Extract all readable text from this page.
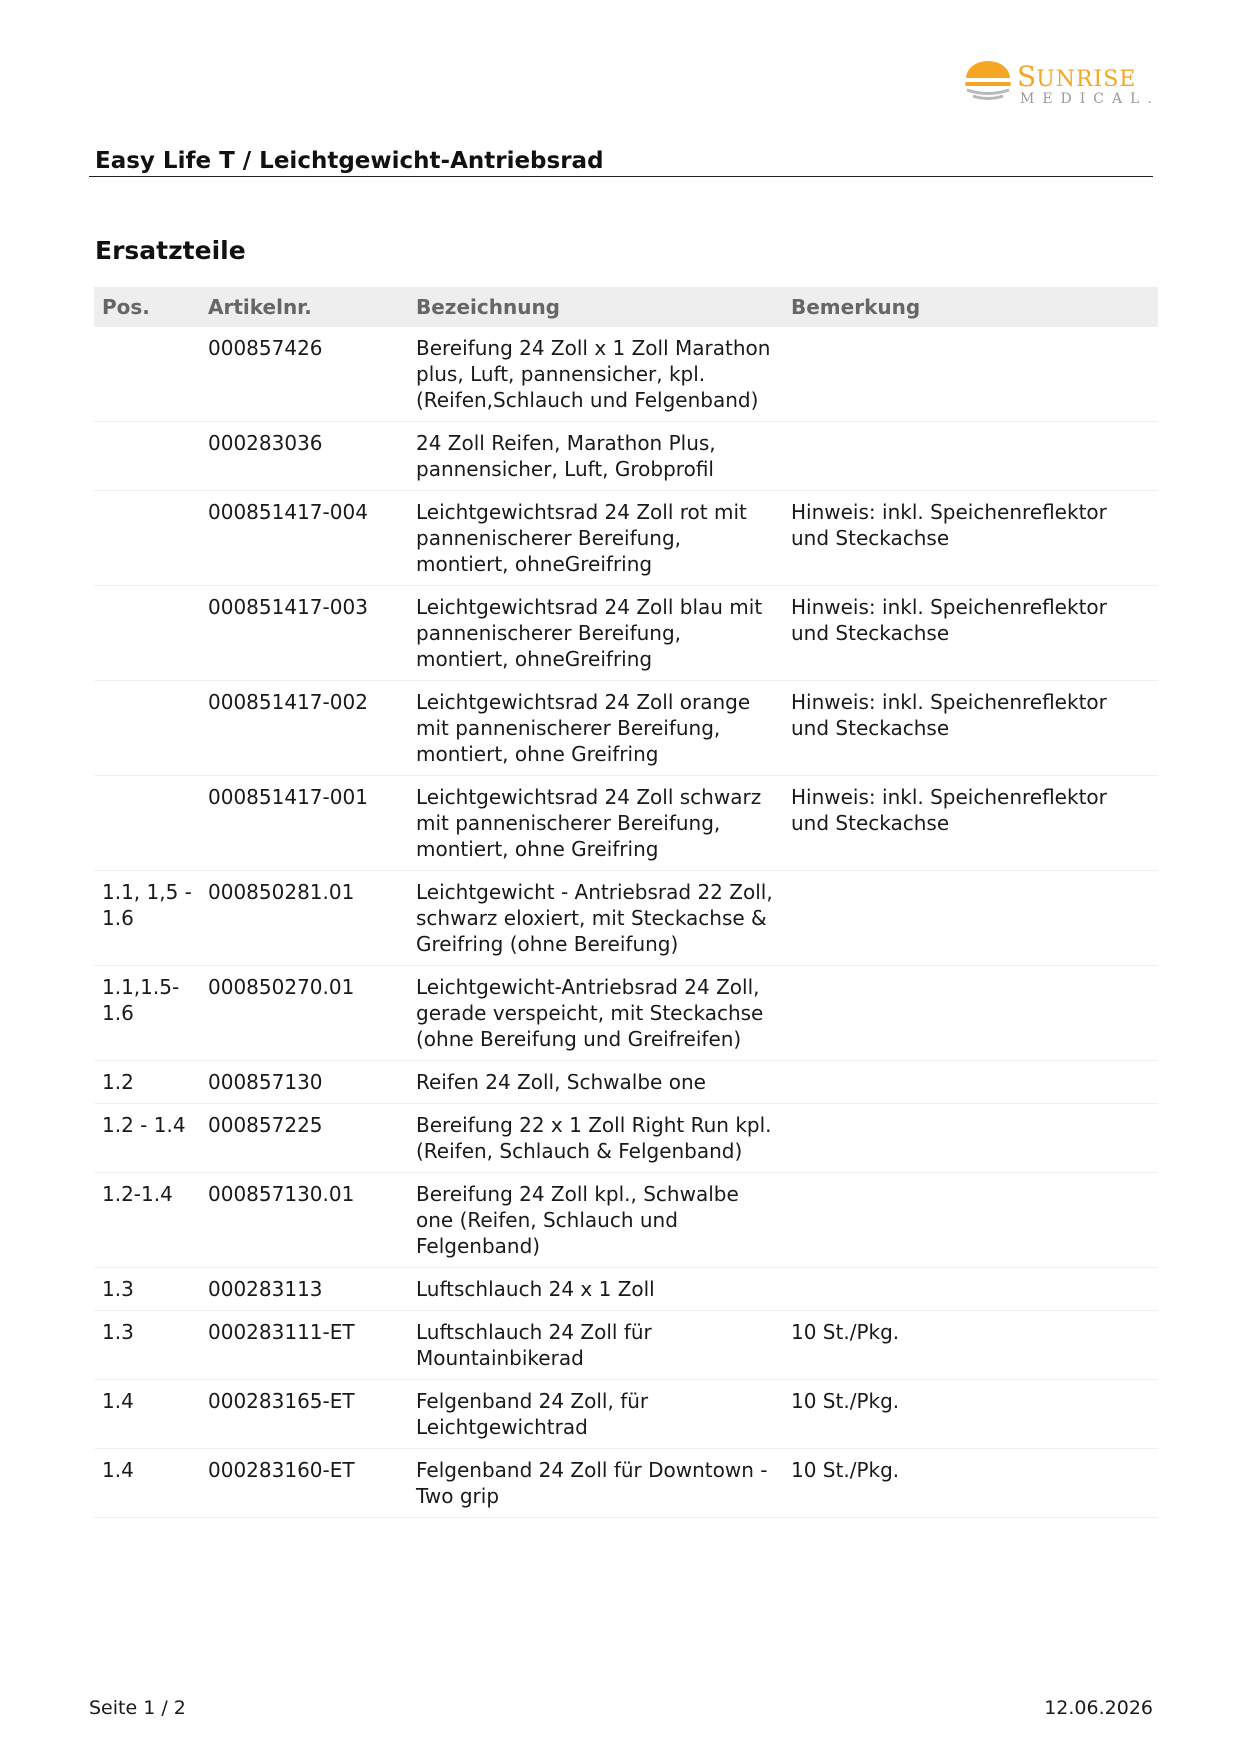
SUNRISE
MEDICAL.
Easy Life T / Leichtgewicht-Antriebsrad
Ersatzteile
Pos.	Artikelnr.	Bezeichnung	Bemerkung
	000857426	Bereifung 24 Zoll x 1 Zoll Marathon plus, Luft, pannensicher, kpl. (Reifen,Schlauch und Felgenband)	
	000283036	24 Zoll Reifen, Marathon Plus, pannensicher, Luft, Grobprofil	
	000851417-004	Leichtgewichtsrad 24 Zoll rot mit pannenischerer Bereifung, montiert, ohneGreifring	Hinweis: inkl. Speichenreflektor und Steckachse
	000851417-003	Leichtgewichtsrad 24 Zoll blau mit pannenischerer Bereifung, montiert, ohneGreifring	Hinweis: inkl. Speichenreflektor und Steckachse
	000851417-002	Leichtgewichtsrad 24 Zoll orange mit pannenischerer Bereifung, montiert, ohne Greifring	Hinweis: inkl. Speichenreflektor und Steckachse
	000851417-001	Leichtgewichtsrad 24 Zoll schwarz mit pannenischerer Bereifung, montiert, ohne Greifring	Hinweis: inkl. Speichenreflektor und Steckachse
1.1, 1,5 - 1.6	000850281.01	Leichtgewicht - Antriebsrad 22 Zoll, schwarz eloxiert, mit Steckachse & Greifring (ohne Bereifung)	
1.1,1.5-1.6	000850270.01	Leichtgewicht-Antriebsrad 24 Zoll, gerade verspeicht, mit Steckachse (ohne Bereifung und Greifreifen)	
1.2	000857130	Reifen 24 Zoll, Schwalbe one	
1.2 - 1.4	000857225	Bereifung 22 x 1 Zoll Right Run kpl. (Reifen, Schlauch & Felgenband)	
1.2-1.4	000857130.01	Bereifung 24 Zoll kpl., Schwalbe one (Reifen, Schlauch und Felgenband)	
1.3	000283113	Luftschlauch 24 x 1 Zoll	
1.3	000283111-ET	Luftschlauch 24 Zoll für Mountainbikerad	10 St./Pkg.
1.4	000283165-ET	Felgenband 24 Zoll, für Leichtgewichtrad	10 St./Pkg.
1.4	000283160-ET	Felgenband 24 Zoll für Downtown - Two grip	10 St./Pkg.
Seite 1 / 2	12.06.2026
